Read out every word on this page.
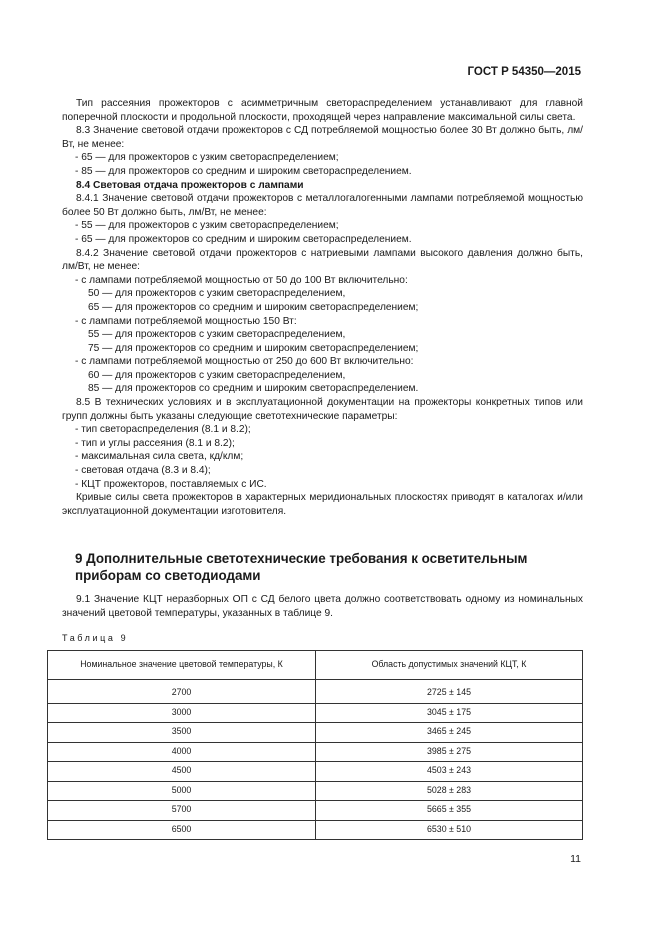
ГОСТ Р 54350—2015

Тип рассеяния прожекторов с асимметричным светораспределением устанавливают для главной поперечной плоскости и продольной плоскости, проходящей через направление максимальной силы света.

8.3 Значение световой отдачи прожекторов с СД потребляемой мощностью более 30 Вт должно быть, лм/Вт, не менее:

- 65 — для прожекторов с узким светораспределением;

- 85 — для прожекторов со средним и широким светораспределением.

8.4 Световая отдача прожекторов с лампами

8.4.1 Значение световой отдачи прожекторов с металлогалогенными лампами потребляемой мощностью более 50 Вт должно быть, лм/Вт, не менее:

- 55 — для прожекторов с узким светораспределением;

- 65 — для прожекторов со средним и широким светораспределением.

8.4.2 Значение световой отдачи прожекторов с натриевыми лампами высокого давления должно быть, лм/Вт, не менее:

- с лампами потребляемой мощностью от 50 до 100 Вт включительно:

50 — для прожекторов с узким светораспределением,

65 — для прожекторов со средним и широким светораспределением;

- с лампами потребляемой мощностью 150 Вт:

55 — для прожекторов с узким светораспределением,

75 — для прожекторов со средним и широким светораспределением;

- с лампами потребляемой мощностью от 250 до 600 Вт включительно:

60 — для прожекторов с узким светораспределением,

85 — для прожекторов со средним и широким светораспределением.

8.5 В технических условиях и в эксплуатационной документации на прожекторы конкретных типов или групп должны быть указаны следующие светотехнические параметры:

- тип светораспределения (8.1 и 8.2);

- тип и углы рассеяния (8.1 и 8.2);

- максимальная сила света, кд/клм;

- световая отдача (8.3 и 8.4);

- КЦТ прожекторов, поставляемых с ИС.

Кривые силы света прожекторов в характерных меридиональных плоскостях приводят в каталогах и/или эксплуатационной документации изготовителя.

9 Дополнительные светотехнические требования к осветительным приборам со светодиодами

9.1 Значение КЦТ неразборных ОП с СД белого цвета должно соответствовать одному из номинальных значений цветовой температуры, указанных в таблице 9.

Таблица 9
Номинальное значение цветовой температуры, К	Область допустимых значений КЦТ, К
2700	2725 ± 145
3000	3045 ± 175
3500	3465 ± 245
4000	3985 ± 275
4500	4503 ± 243
5000	5028 ± 283
5700	5665 ± 355
6500	6530 ± 510
11
